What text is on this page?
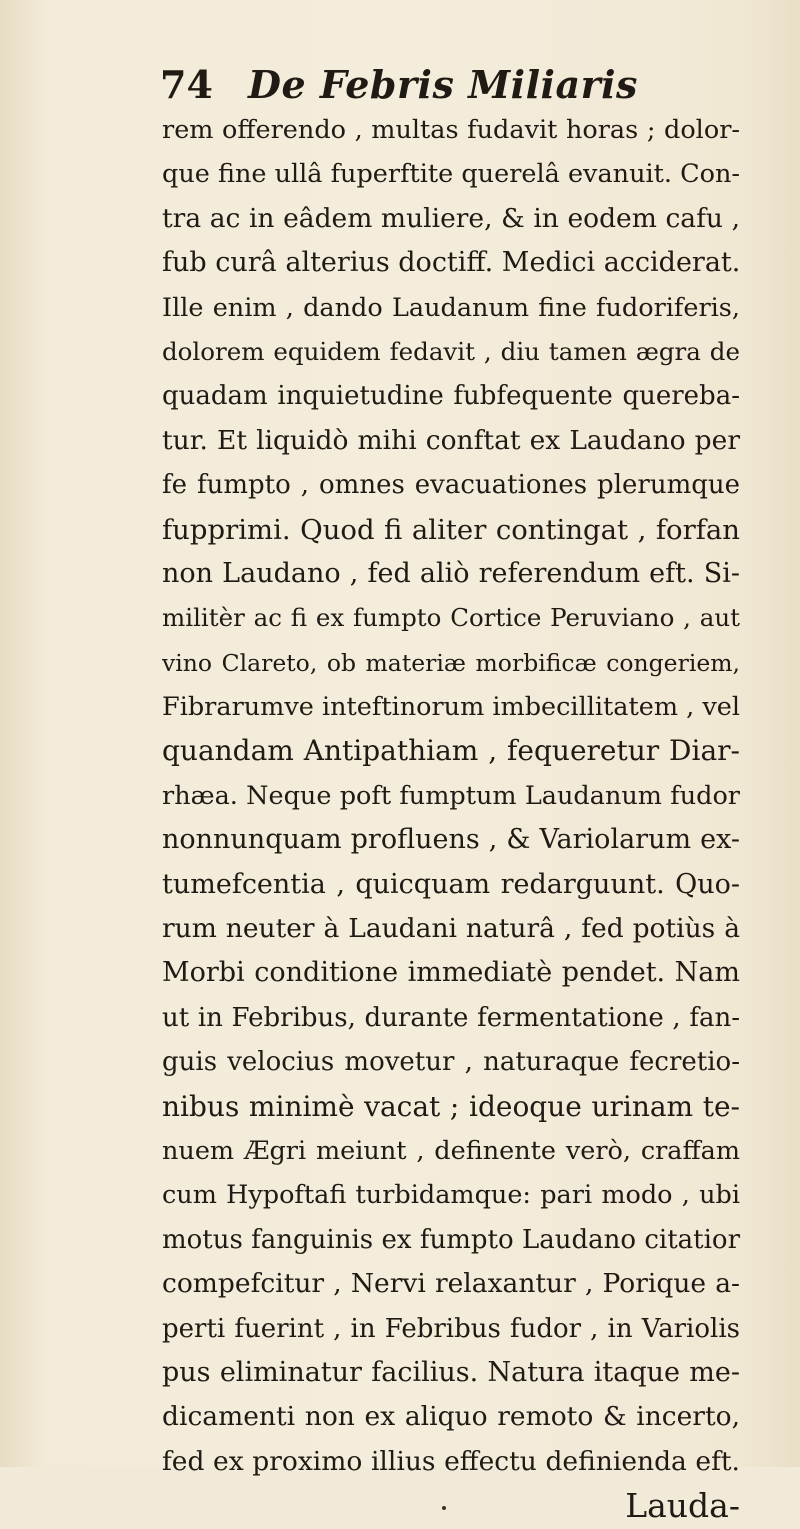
74 De Febris Miliaris
rem offerendo , multas fudavit horas ; dolor-
que fine ullâ fuperftite querelâ evanuit. Con-
tra ac in eâdem muliere, & in eodem cafu ,
fub curâ alterius doctiff. Medici acciderat.
Ille enim , dando Laudanum fine fudoriferis,
dolorem equidem fedavit , diu tamen ægra de
quadam inquietudine fubfequente quereba-
tur. Et liquidò mihi conftat ex Laudano per
fe fumpto , omnes evacuationes plerumque
fupprimi. Quod fi aliter contingat , forfan
non Laudano , fed aliò referendum eft. Si-
militèr ac fi ex fumpto Cortice Peruviano , aut
vino Clareto, ob materiæ morbificæ congeriem,
Fibrarumve inteftinorum imbecillitatem , vel
quandam Antipathiam , fequeretur Diar-
rhæa. Neque poft fumptum Laudanum fudor
nonnunquam profluens , & Variolarum ex-
tumefcentia , quicquam redarguunt. Quo-
rum neuter à Laudani naturâ , fed potiùs à
Morbi conditione immediatè pendet. Nam
ut in Febribus, durante fermentatione , fan-
guis velocius movetur , naturaque fecretio-
nibus minimè vacat ; ideoque urinam te-
nuem Ægri meiunt , definente verò, craffam
cum Hypoftafi turbidamque: pari modo , ubi
motus fanguinis ex fumpto Laudano citatior
compefcitur , Nervi relaxantur , Porique a-
perti fuerint , in Febribus fudor , in Variolis
pus eliminatur facilius. Natura itaque me-
dicamenti non ex aliquo remoto & incerto,
fed ex proximo illius effectu definienda eft.
Lauda-
